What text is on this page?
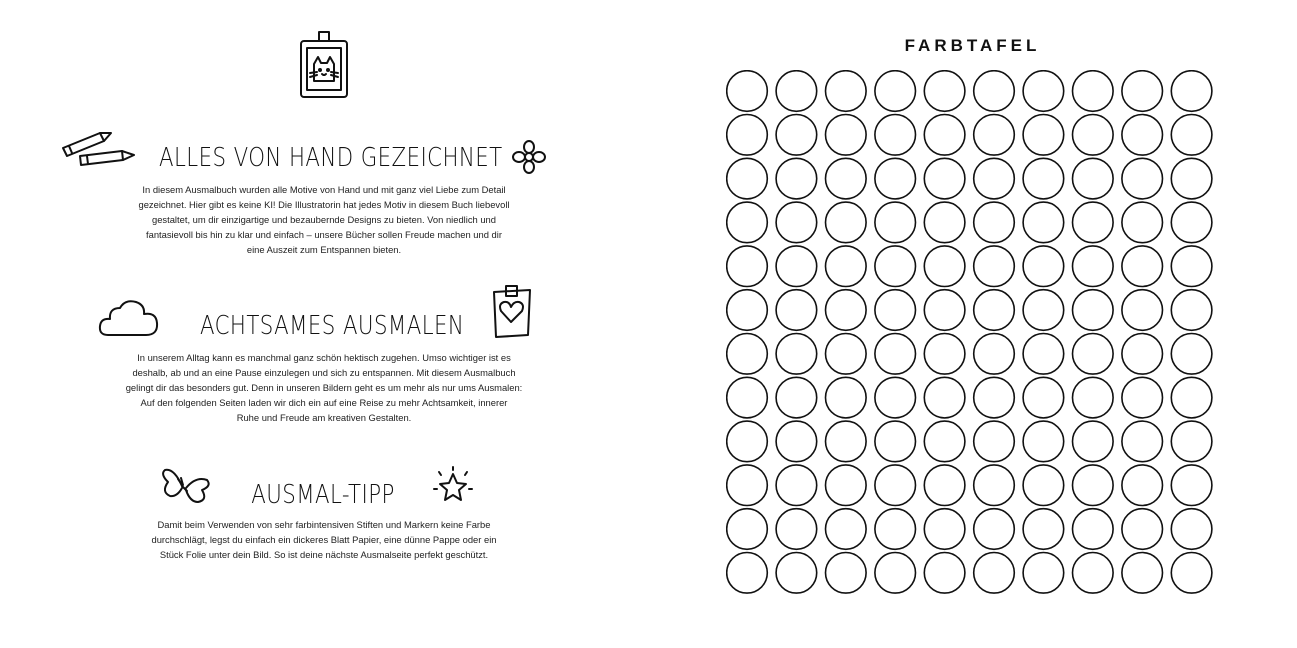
ALLES VON HAND GEZEICHNET
In diesem Ausmalbuch wurden alle Motive von Hand und mit ganz viel Liebe zum Detail
gezeichnet. Hier gibt es keine KI! Die Illustratorin hat jedes Motiv in diesem Buch liebevoll
gestaltet, um dir einzigartige und bezaubernde Designs zu bieten. Von niedlich und
fantasievoll bis hin zu klar und einfach – unsere Bücher sollen Freude machen und dir
eine Auszeit zum Entspannen bieten.
ACHTSAMES AUSMALEN
In unserem Alltag kann es manchmal ganz schön hektisch zugehen. Umso wichtiger ist es
deshalb, ab und an eine Pause einzulegen und sich zu entspannen. Mit diesem Ausmalbuch
gelingt dir das besonders gut. Denn in unseren Bildern geht es um mehr als nur ums Ausmalen:
Auf den folgenden Seiten laden wir dich ein auf eine Reise zu mehr Achtsamkeit, innerer
Ruhe und Freude am kreativen Gestalten.
AUSMAL-TIPP
Damit beim Verwenden von sehr farbintensiven Stiften und Markern keine Farbe
durchschlägt, legst du einfach ein dickeres Blatt Papier, eine dünne Pappe oder ein
Stück Folie unter dein Bild. So ist deine nächste Ausmalseite perfekt geschützt.
FARBTAFEL
